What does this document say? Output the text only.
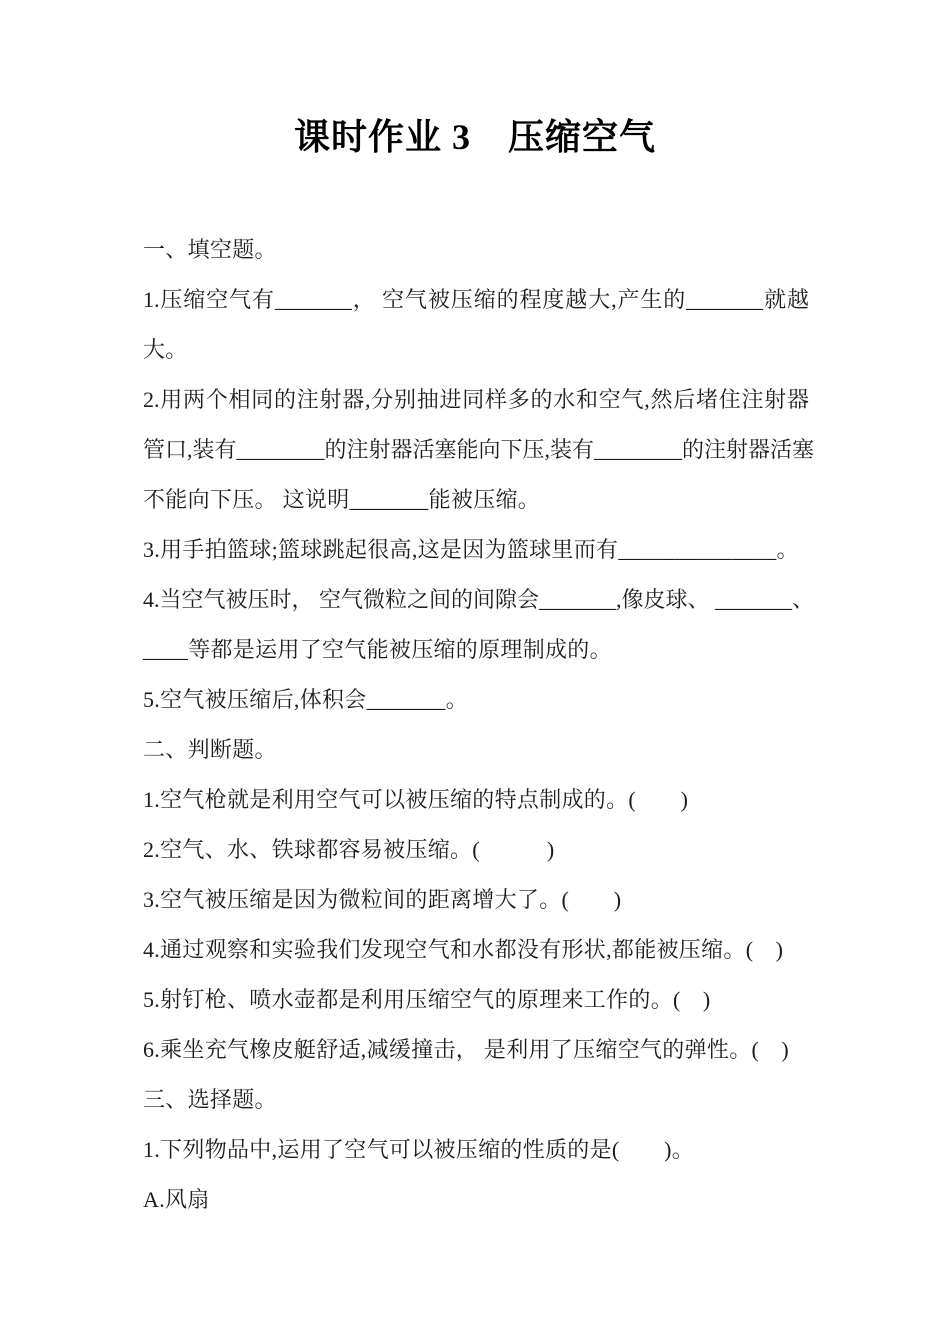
课时作业 3　压缩空气
一、填空题。
1.压缩空气有_______， 空气被压缩的程度越大,产生的_______就越
大。
2.用两个相同的注射器,分别抽进同样多的水和空气,然后堵住注射器
管口,装有________的注射器活塞能向下压,装有________的注射器活塞
不能向下压。 这说明_______能被压缩。
3.用手拍篮球;篮球跳起很高,这是因为篮球里而有______________。
4.当空气被压时， 空气微粒之间的间隙会_______,像皮球、 _______、
____等都是运用了空气能被压缩的原理制成的。
5.空气被压缩后,体积会_______。
二、判断题。
1.空气枪就是利用空气可以被压缩的特点制成的。(　　)
2.空气、水、铁球都容易被压缩。(　　　)
3.空气被压缩是因为微粒间的距离增大了。(　　)
4.通过观察和实验我们发现空气和水都没有形状,都能被压缩。(　)
5.射钉枪、喷水壶都是利用压缩空气的原理来工作的。(　)
6.乘坐充气橡皮艇舒适,减缓撞击， 是利用了压缩空气的弹性。(　)
三、选择题。
1.下列物品中,运用了空气可以被压缩的性质的是(　　)。
A.风扇
